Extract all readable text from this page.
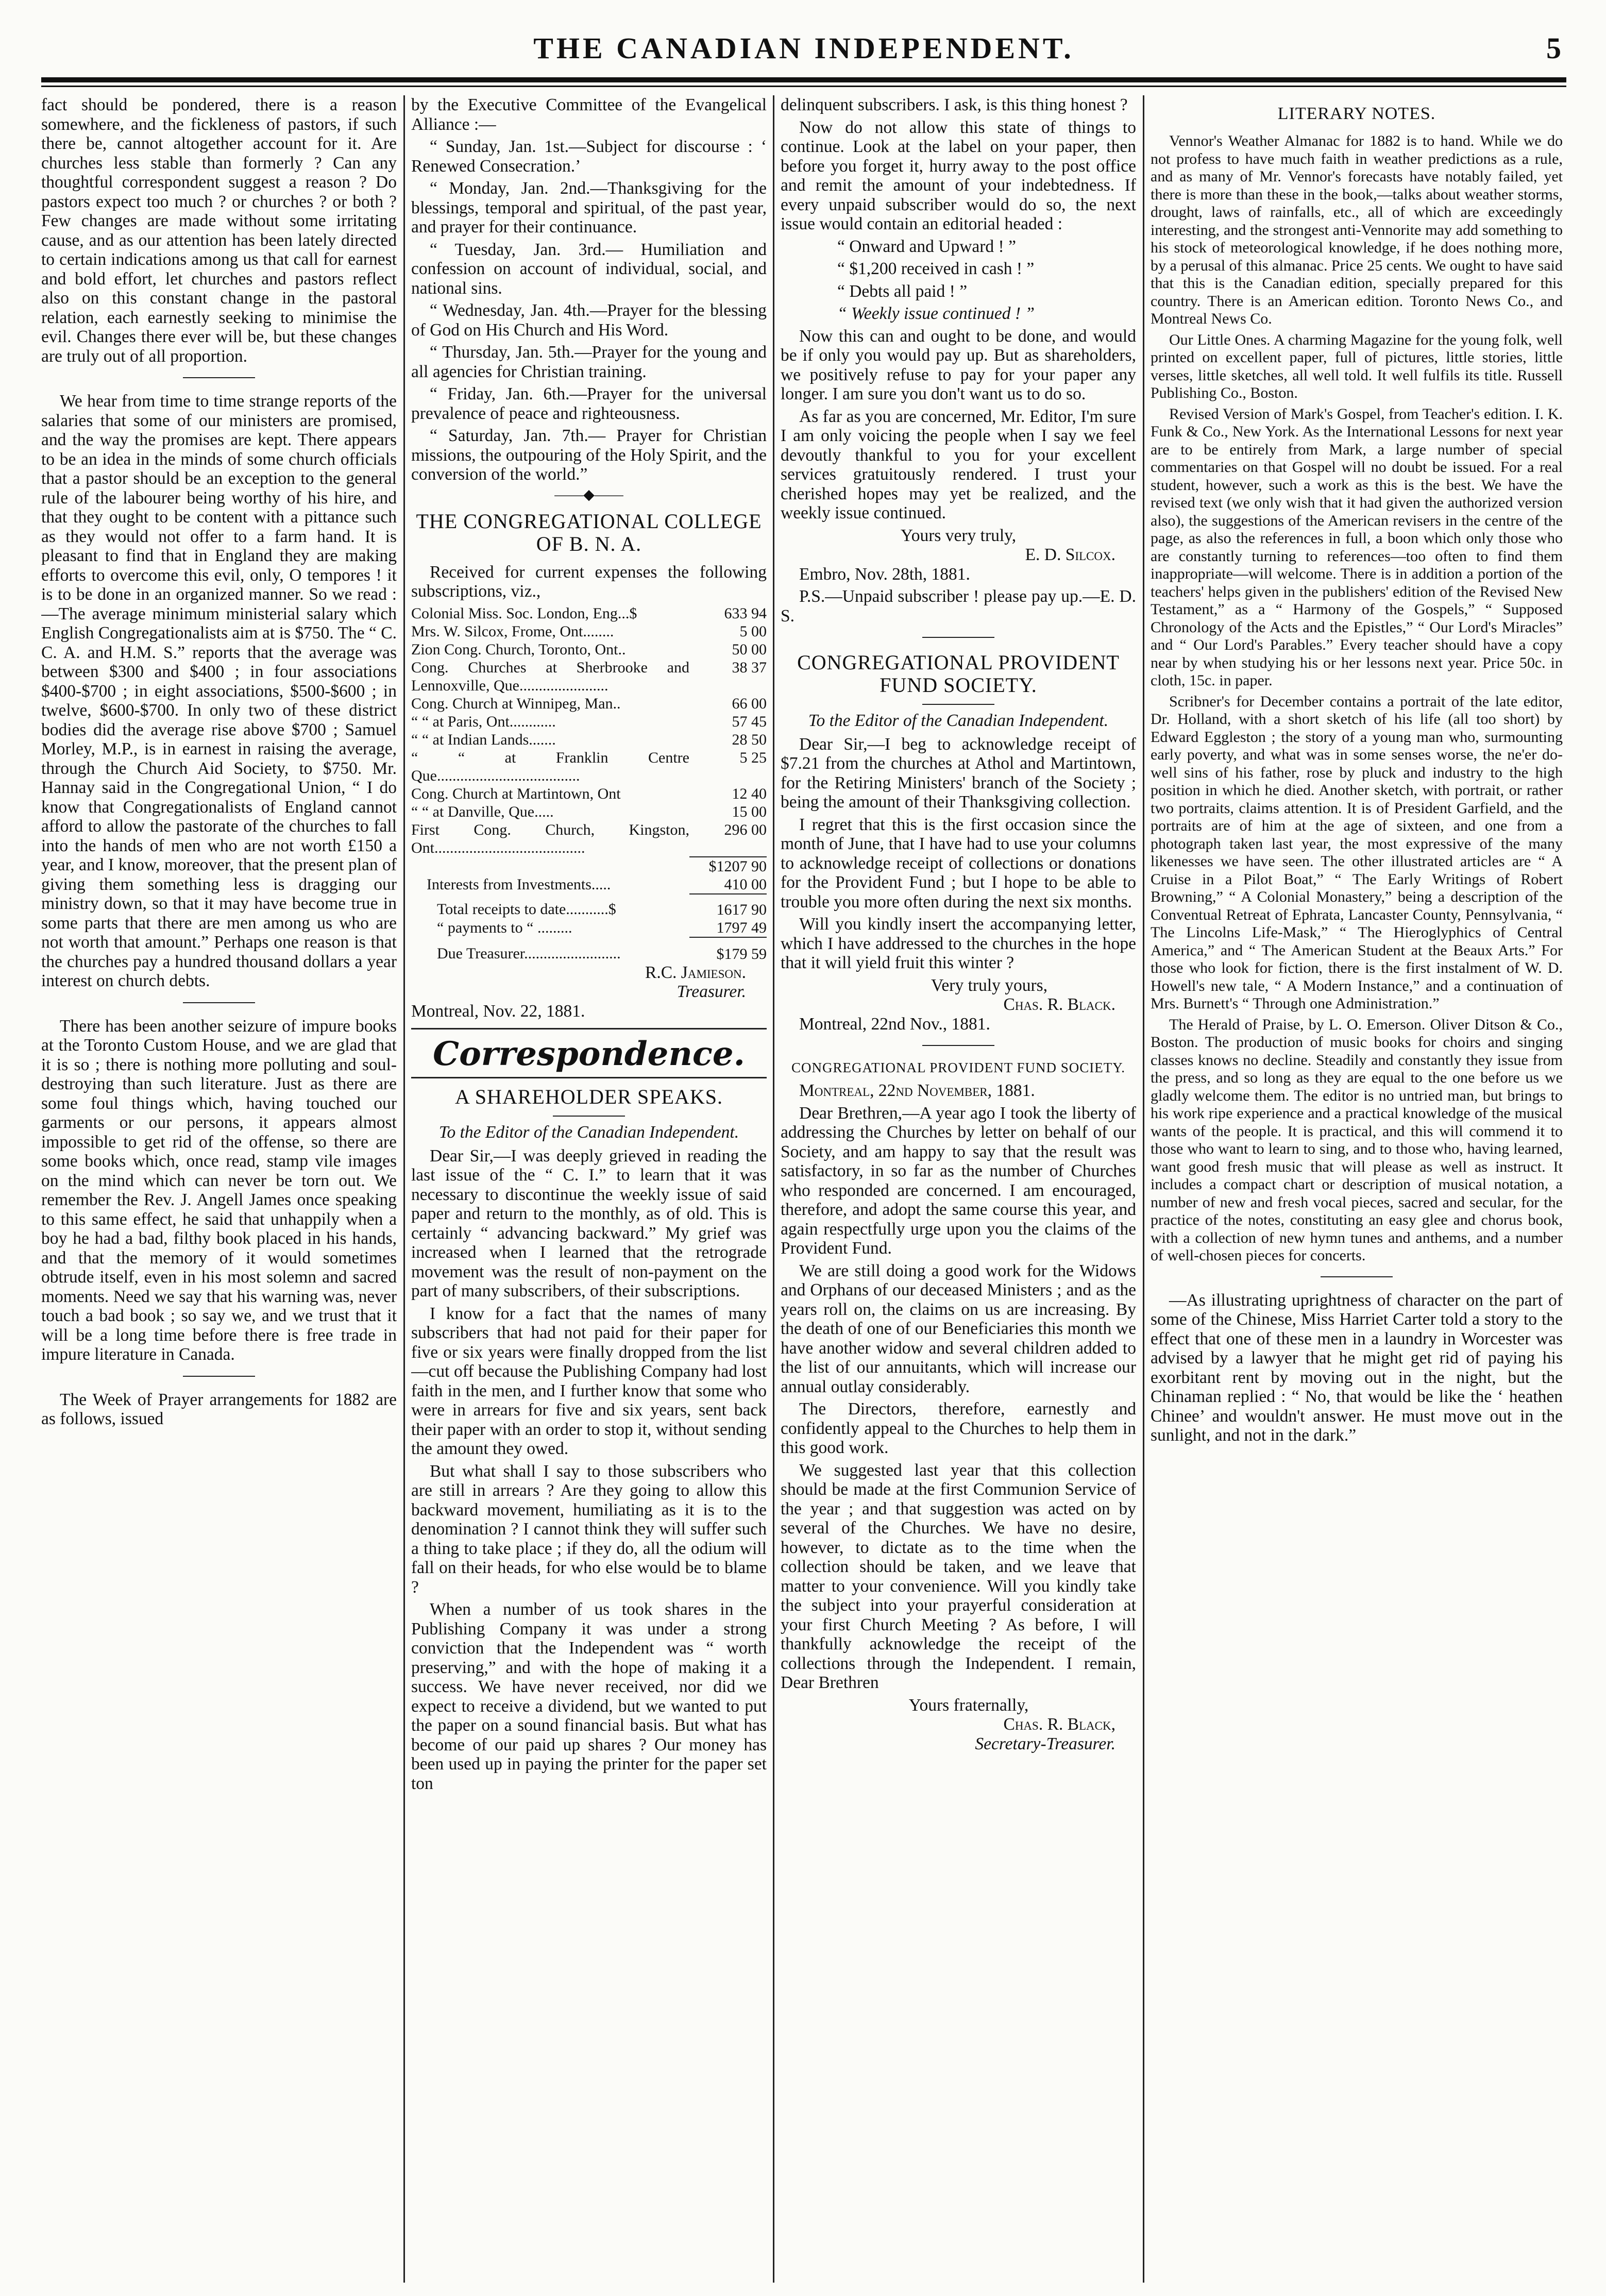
THE CANADIAN INDEPENDENT.	5

fact should be pondered, there is a reason somewhere, and the fickleness of pastors, if such there be, cannot altogether account for it. Are churches less stable than formerly ? Can any thoughtful correspondent suggest a reason ? Do pastors expect too much ? or churches ? or both ? Few changes are made without some irritating cause, and as our attention has been lately directed to certain indications among us that call for earnest and bold effort, let churches and pastors reflect also on this constant change in the pastoral relation, each earnestly seeking to minimise the evil. Changes there ever will be, but these changes are truly out of all proportion.

We hear from time to time strange reports of the salaries that some of our ministers are promised, and the way the promises are kept. There appears to be an idea in the minds of some church officials that a pastor should be an exception to the general rule of the labourer being worthy of his hire, and that they ought to be content with a pittance such as they would not offer to a farm hand. It is pleasant to find that in England they are making efforts to overcome this evil, only, O tempores ! it is to be done in an organized manner. So we read :—The average minimum ministerial salary which English Congregationalists aim at is $750. The “ C. C. A. and H.M. S.” reports that the average was between $300 and $400 ; in four associations $400-$700 ; in eight associations, $500-$600 ; in twelve, $600-$700. In only two of these district bodies did the average rise above $700 ; Samuel Morley, M.P., is in earnest in raising the average, through the Church Aid Society, to $750. Mr. Hannay said in the Congregational Union, “ I do know that Congregationalists of England cannot afford to allow the pastorate of the churches to fall into the hands of men who are not worth £150 a year, and I know, moreover, that the present plan of giving them something less is dragging our ministry down, so that it may have become true in some parts that there are men among us who are not worth that amount.” Perhaps one reason is that the churches pay a hundred thousand dollars a year interest on church debts.

There has been another seizure of impure books at the Toronto Custom House, and we are glad that it is so ; there is nothing more polluting and soul-destroying than such literature. Just as there are some foul things which, having touched our garments or our persons, it appears almost impossible to get rid of the offense, so there are some books which, once read, stamp vile images on the mind which can never be torn out. We remember the Rev. J. Angell James once speaking to this same effect, he said that unhappily when a boy he had a bad, filthy book placed in his hands, and that the memory of it would sometimes obtrude itself, even in his most solemn and sacred moments. Need we say that his warning was, never touch a bad book ; so say we, and we trust that it will be a long time before there is free trade in impure literature in Canada.

The Week of Prayer arrangements for 1882 are as follows, issued

by the Executive Committee of the Evangelical Alliance :—

“ Sunday, Jan. 1st.—Subject for discourse : ‘ Renewed Consecration.’

“ Monday, Jan. 2nd.—Thanksgiving for the blessings, temporal and spiritual, of the past year, and prayer for their continuance.

“ Tuesday, Jan. 3rd.— Humiliation and confession on account of individual, social, and national sins.

“ Wednesday, Jan. 4th.—Prayer for the blessing of God on His Church and His Word.

“ Thursday, Jan. 5th.—Prayer for the young and all agencies for Christian training.

“ Friday, Jan. 6th.—Prayer for the universal prevalence of peace and righteousness.

“ Saturday, Jan. 7th.— Prayer for Christian missions, the outpouring of the Holy Spirit, and the conversion of the world.”

——◆——
THE CONGREGATIONAL COLLEGE OF B. N. A.

Received for current expenses the following subscriptions, viz.,

Colonial Miss. Soc. London, Eng...$	633 94
Mrs. W. Silcox, Frome, Ont........	5 00
Zion Cong. Church, Toronto, Ont..	50 00
Cong. Churches at Sherbrooke and Lennoxville, Que.......................	38 37
Cong. Church at Winnipeg, Man..	66 00
“ “ at Paris, Ont............	57 45
“ “ at Indian Lands.......	28 50
“ “ at Franklin Centre Que.....................................	5 25
Cong. Church at Martintown, Ont	12 40
“ “ at Danville, Que.....	15 00
First Cong. Church, Kingston, Ont.......................................	296 00
	$1207 90
Interests from Investments.....	410 00
Total receipts to date...........$	1617 90
“ payments to “ .........	1797 49
Due Treasurer.........................	$179 59
R.C. Jamieson.
Treasurer.

Montreal, Nov. 22, 1881.

Correspondence.
A SHAREHOLDER SPEAKS.
To the Editor of the Canadian Independent.

Dear Sir,—I was deeply grieved in reading the last issue of the “ C. I.” to learn that it was necessary to discontinue the weekly issue of said paper and return to the monthly, as of old. This is certainly “ advancing backward.” My grief was increased when I learned that the retrograde movement was the result of non-payment on the part of many subscribers, of their subscriptions.

I know for a fact that the names of many subscribers that had not paid for their paper for five or six years were finally dropped from the list—cut off because the Publishing Company had lost faith in the men, and I further know that some who were in arrears for five and six years, sent back their paper with an order to stop it, without sending the amount they owed.

But what shall I say to those subscribers who are still in arrears ? Are they going to allow this backward movement, humiliating as it is to the denomination ? I cannot think they will suffer such a thing to take place ; if they do, all the odium will fall on their heads, for who else would be to blame ?

When a number of us took shares in the Publishing Company it was under a strong conviction that the Independent was “ worth preserving,” and with the hope of making it a success. We have never received, nor did we expect to receive a dividend, but we wanted to put the paper on a sound financial basis. But what has become of our paid up shares ? Our money has been used up in paying the printer for the paper set ton

delinquent subscribers. I ask, is this thing honest ?

Now do not allow this state of things to continue. Look at the label on your paper, then before you forget it, hurry away to the post office and remit the amount of your indebtedness. If every unpaid subscriber would do so, the next issue would contain an editorial headed :

“ Onward and Upward ! ”

“ $1,200 received in cash ! ”

“ Debts all paid ! ”

“ Weekly issue continued ! ”

Now this can and ought to be done, and would be if only you would pay up. But as shareholders, we positively refuse to pay for your paper any longer. I am sure you don't want us to do so.

As far as you are concerned, Mr. Editor, I'm sure I am only voicing the people when I say we feel devoutly thankful to you for your excellent services gratuitously rendered. I trust your cherished hopes may yet be realized, and the weekly issue continued.

Yours very truly,
E. D. Silcox.

Embro, Nov. 28th, 1881.

P.S.—Unpaid subscriber ! please pay up.—E. D. S.

CONGREGATIONAL PROVIDENT FUND SOCIETY.
To the Editor of the Canadian Independent.

Dear Sir,—I beg to acknowledge receipt of $7.21 from the churches at Athol and Martintown, for the Retiring Ministers' branch of the Society ; being the amount of their Thanksgiving collection.

I regret that this is the first occasion since the month of June, that I have had to use your columns to acknowledge receipt of collections or donations for the Provident Fund ; but I hope to be able to trouble you more often during the next six months.

Will you kindly insert the accompanying letter, which I have addressed to the churches in the hope that it will yield fruit this winter ?

Very truly yours,
Chas. R. Black.

Montreal, 22nd Nov., 1881.

CONGREGATIONAL PROVIDENT FUND SOCIETY.

Montreal, 22nd November, 1881.

Dear Brethren,—A year ago I took the liberty of addressing the Churches by letter on behalf of our Society, and am happy to say that the result was satisfactory, in so far as the number of Churches who responded are concerned. I am encouraged, therefore, and adopt the same course this year, and again respectfully urge upon you the claims of the Provident Fund.

We are still doing a good work for the Widows and Orphans of our deceased Ministers ; and as the years roll on, the claims on us are increasing. By the death of one of our Beneficiaries this month we have another widow and several children added to the list of our annuitants, which will increase our annual outlay considerably.

The Directors, therefore, earnestly and confidently appeal to the Churches to help them in this good work.

We suggested last year that this collection should be made at the first Communion Service of the year ; and that suggestion was acted on by several of the Churches. We have no desire, however, to dictate as to the time when the collection should be taken, and we leave that matter to your convenience. Will you kindly take the subject into your prayerful consideration at your first Church Meeting ? As before, I will thankfully acknowledge the receipt of the collections through the Independent. I remain, Dear Brethren

Yours fraternally,
Chas. R. Black,
Secretary-Treasurer.
LITERARY NOTES.

Vennor's Weather Almanac for 1882 is to hand. While we do not profess to have much faith in weather predictions as a rule, and as many of Mr. Vennor's forecasts have notably failed, yet there is more than these in the book,—talks about weather storms, drought, laws of rainfalls, etc., all of which are exceedingly interesting, and the strongest anti-Vennorite may add something to his stock of meteorological knowledge, if he does nothing more, by a perusal of this almanac. Price 25 cents. We ought to have said that this is the Canadian edition, specially prepared for this country. There is an American edition. Toronto News Co., and Montreal News Co.

Our Little Ones. A charming Magazine for the young folk, well printed on excellent paper, full of pictures, little stories, little verses, little sketches, all well told. It well fulfils its title. Russell Publishing Co., Boston.

Revised Version of Mark's Gospel, from Teacher's edition. I. K. Funk & Co., New York. As the International Lessons for next year are to be entirely from Mark, a large number of special commentaries on that Gospel will no doubt be issued. For a real student, however, such a work as this is the best. We have the revised text (we only wish that it had given the authorized version also), the suggestions of the American revisers in the centre of the page, as also the references in full, a boon which only those who are constantly turning to references—too often to find them inappropriate—will welcome. There is in addition a portion of the teachers' helps given in the publishers' edition of the Revised New Testament,” as a “ Harmony of the Gospels,” “ Supposed Chronology of the Acts and the Epistles,” “ Our Lord's Miracles” and “ Our Lord's Parables.” Every teacher should have a copy near by when studying his or her lessons next year. Price 50c. in cloth, 15c. in paper.

Scribner's for December contains a portrait of the late editor, Dr. Holland, with a short sketch of his life (all too short) by Edward Eggleston ; the story of a young man who, surmounting early poverty, and what was in some senses worse, the ne'er do-well sins of his father, rose by pluck and industry to the high position in which he died. Another sketch, with portrait, or rather two portraits, claims attention. It is of President Garfield, and the portraits are of him at the age of sixteen, and one from a photograph taken last year, the most expressive of the many likenesses we have seen. The other illustrated articles are “ A Cruise in a Pilot Boat,” “ The Early Writings of Robert Browning,” “ A Colonial Monastery,” being a description of the Conventual Retreat of Ephrata, Lancaster County, Pennsylvania, “ The Lincolns Life-Mask,” “ The Hieroglyphics of Central America,” and “ The American Student at the Beaux Arts.” For those who look for fiction, there is the first instalment of W. D. Howell's new tale, “ A Modern Instance,” and a continuation of Mrs. Burnett's “ Through one Administration.”

The Herald of Praise, by L. O. Emerson. Oliver Ditson & Co., Boston. The production of music books for choirs and singing classes knows no decline. Steadily and constantly they issue from the press, and so long as they are equal to the one before us we gladly welcome them. The editor is no untried man, but brings to his work ripe experience and a practical knowledge of the musical wants of the people. It is practical, and this will commend it to those who want to learn to sing, and to those who, having learned, want good fresh music that will please as well as instruct. It includes a compact chart or description of musical notation, a number of new and fresh vocal pieces, sacred and secular, for the practice of the notes, constituting an easy glee and chorus book, with a collection of new hymn tunes and anthems, and a number of well-chosen pieces for concerts.

—As illustrating uprightness of character on the part of some of the Chinese, Miss Harriet Carter told a story to the effect that one of these men in a laundry in Worcester was advised by a lawyer that he might get rid of paying his exorbitant rent by moving out in the night, but the Chinaman replied : “ No, that would be like the ‘ heathen Chinee’ and wouldn't answer. He must move out in the sunlight, and not in the dark.”
